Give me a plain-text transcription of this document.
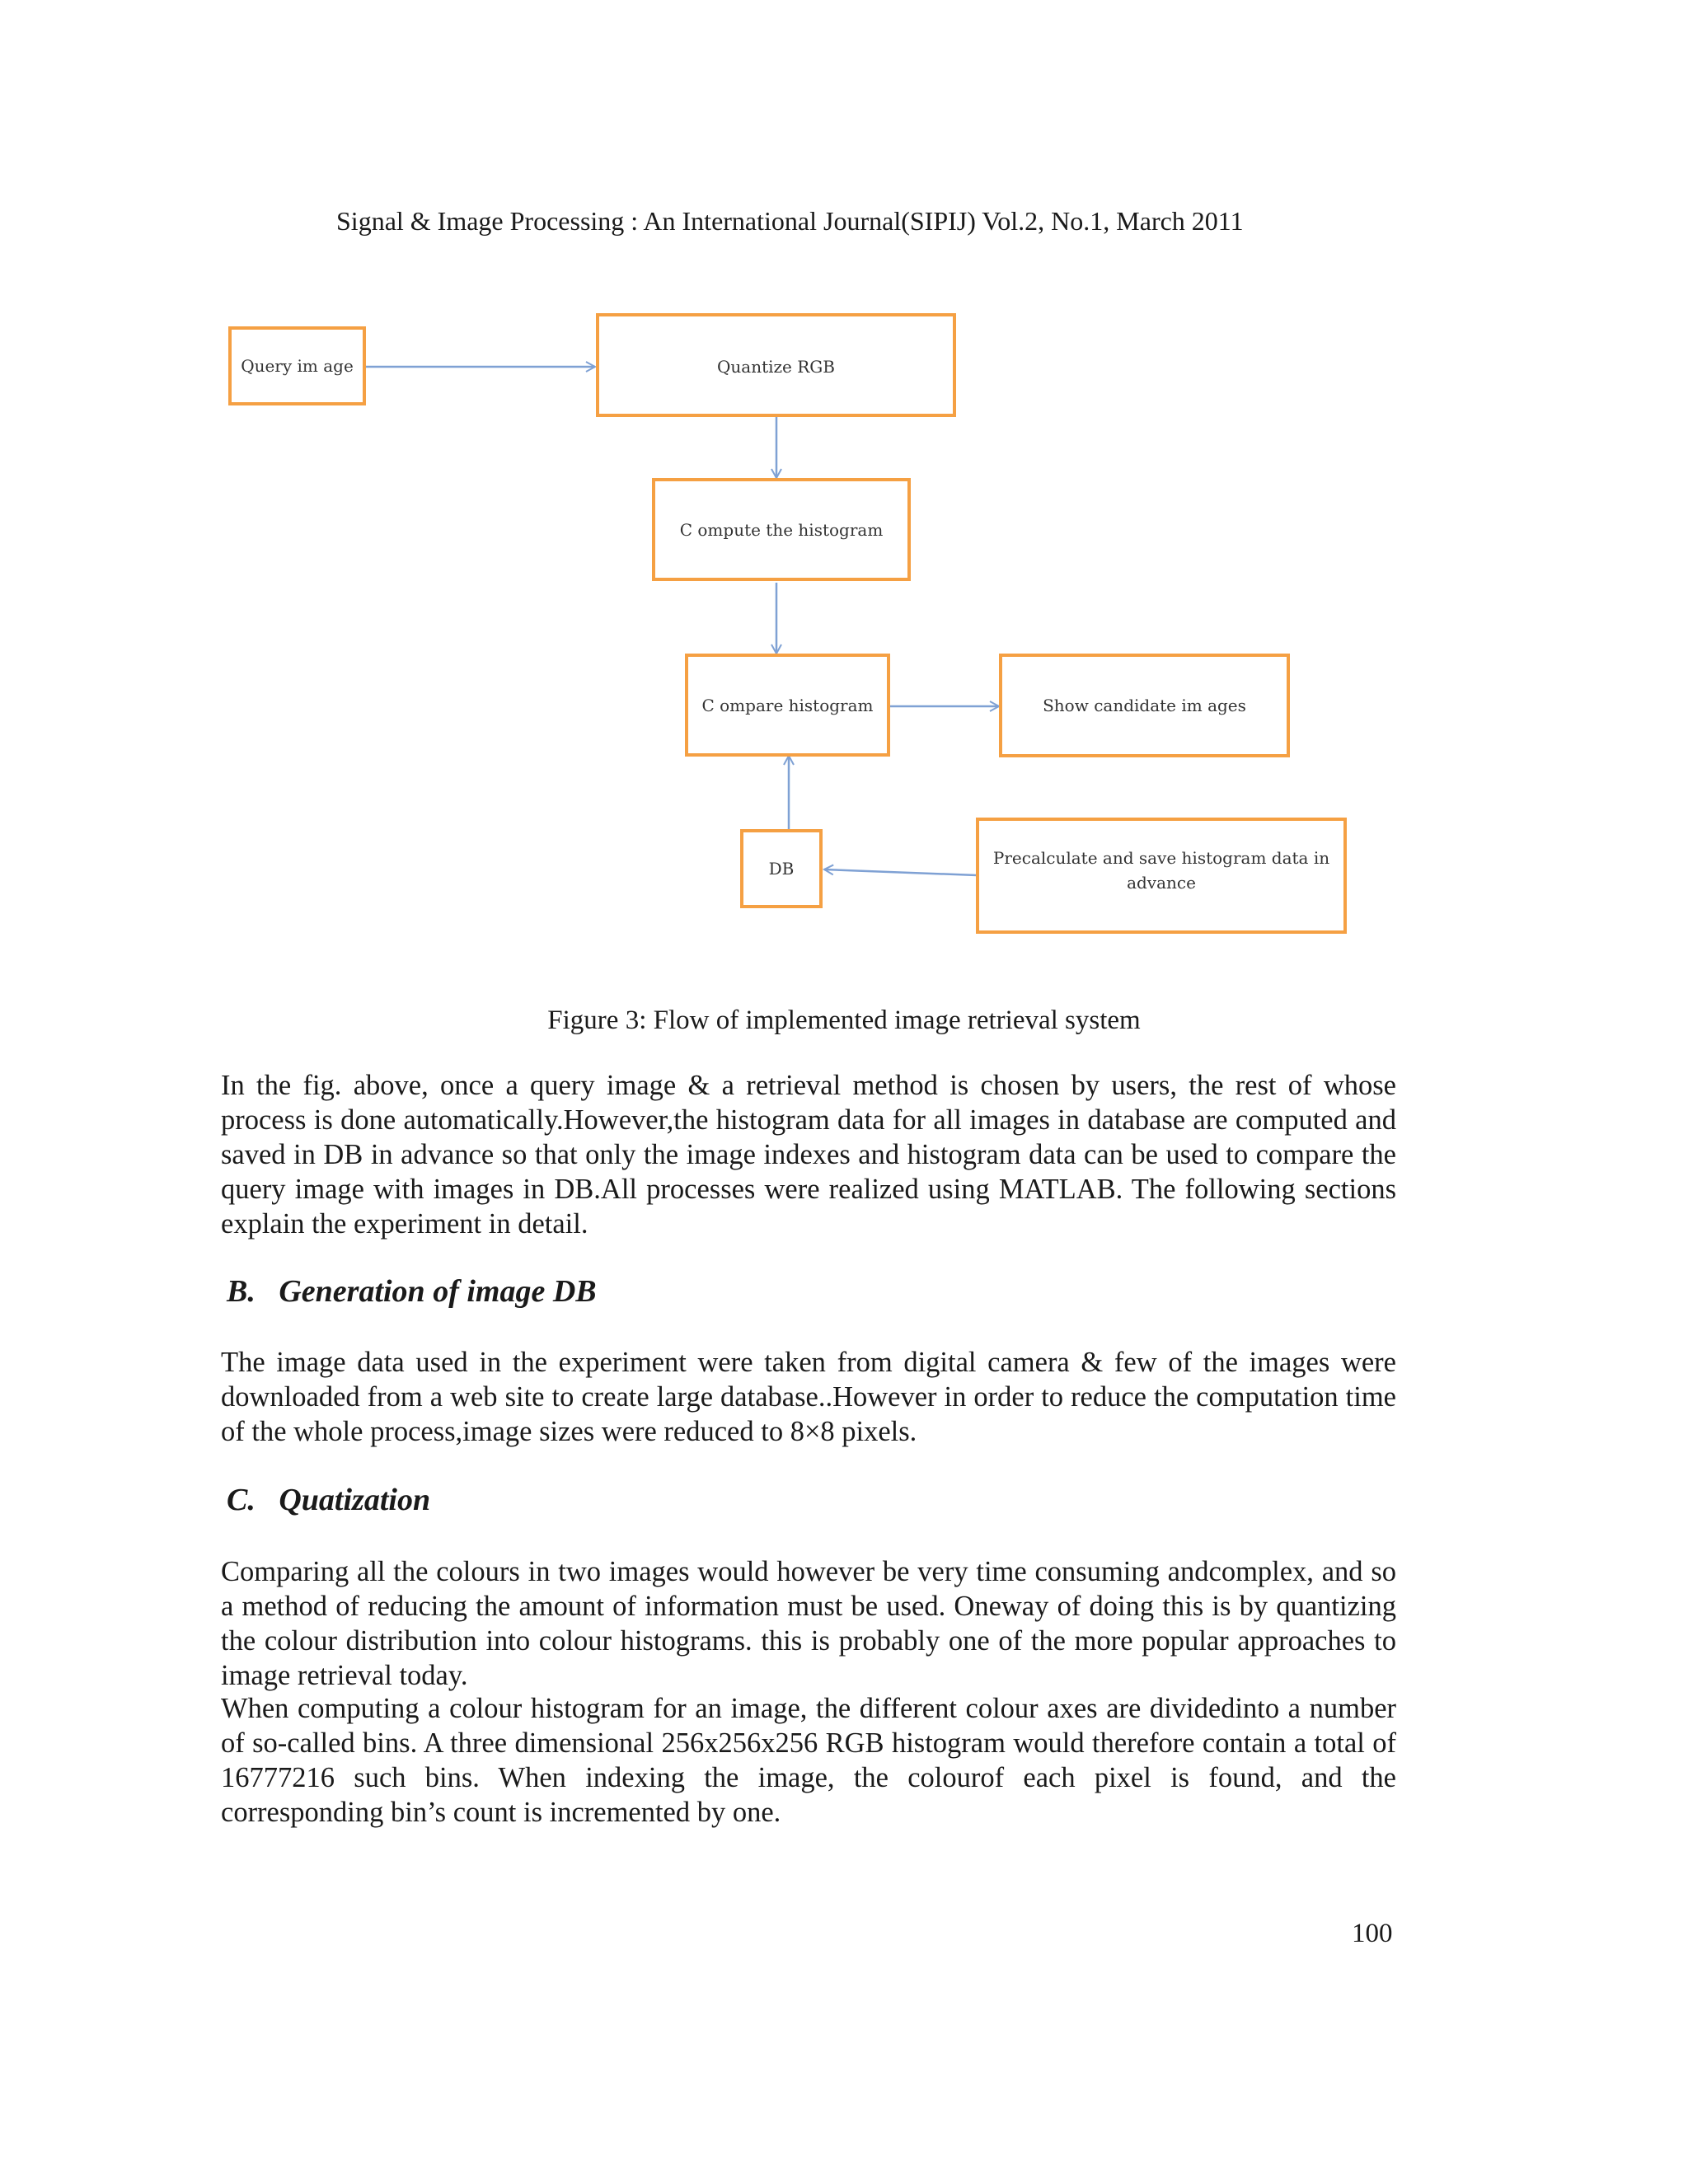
Signal & Image Processing : An International Journal(SIPIJ) Vol.2, No.1, March 2011
Query im age	Quantize RGB
C ompute the histogram
C ompare histogram	Show candidate im ages
DB
Precalculate and save histogram data in
advance
Figure 3: Flow of implemented image retrieval system

In the fig. above, once a query image & a retrieval method is chosen by users, the rest of whose process is done automatically.However,the histogram data for all images in database are computed and saved in DB in advance so that only the image indexes and histogram data can be used to compare the query image with images in DB.All processes were realized using MATLAB. The following sections explain the experiment in detail.

B.   Generation of image DB

The image data used in the experiment were taken from digital camera & few of the images were downloaded from a web site to create large database..However in order to reduce the computation time of the whole process,image sizes were reduced to 8×8 pixels.

C.   Quatization

Comparing all the colours in two images would however be very time consuming andcomplex, and so a method of reducing the amount of information must be used. Oneway of doing this is by quantizing the colour distribution into colour histograms. this is probably one of the more popular approaches to image retrieval today.

When computing a colour histogram for an image, the different colour axes are dividedinto a number of so-called bins. A three dimensional 256x256x256 RGB histogram would therefore contain a total of 16777216 such bins. When indexing the image, the colourof each pixel is found, and the corresponding bin’s count is incremented by one.

100
